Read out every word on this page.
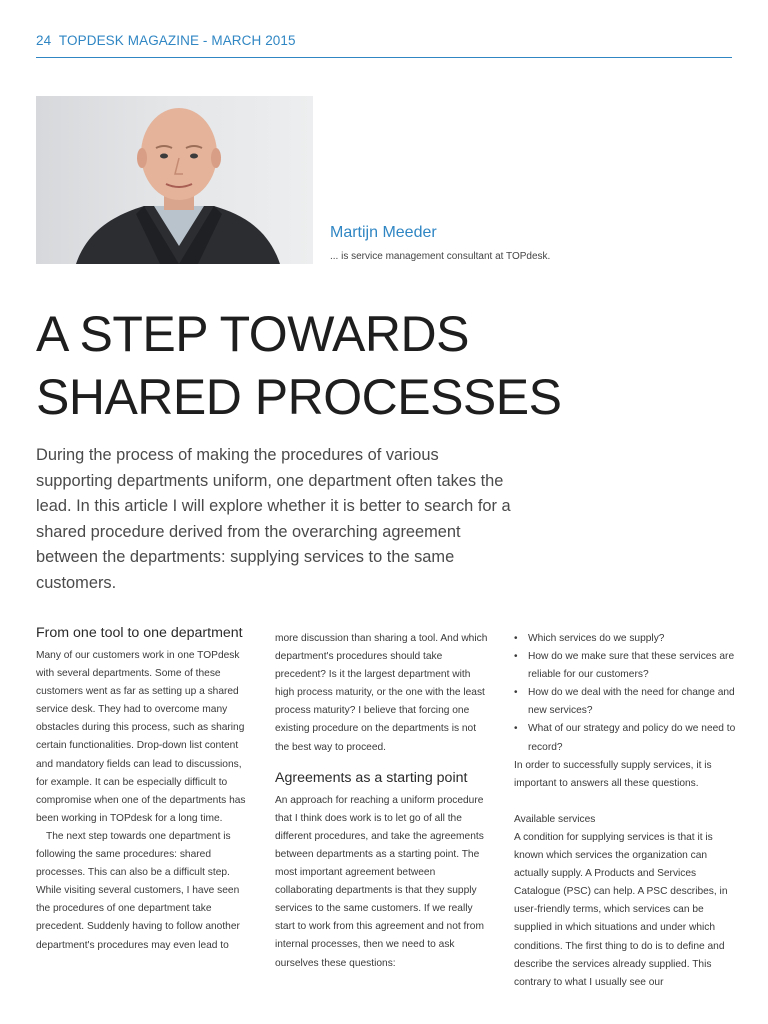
24 TOPDESK MAGAZINE - MARCH 2015
Martijn Meeder
... is service management consultant at TOPdesk.
A STEP TOWARDS
SHARED PROCESSES

During the process of making the procedures of various supporting departments uniform, one department often takes the lead. In this article I will explore whether it is better to search for a shared procedure derived from the overarching agreement between the departments: supplying services to the same customers.

From one tool to one department

Many of our customers work in one TOPdesk with several departments. Some of these customers went as far as setting up a shared service desk. They had to overcome many obstacles during this process, such as sharing certain functionalities. Drop-down list content and mandatory fields can lead to discussions, for example. It can be especially difficult to compromise when one of the departments has been working in TOPdesk for a long time.

The next step towards one department is following the same procedures: shared processes. This can also be a difficult step. While visiting several customers, I have seen the procedures of one department take precedent. Suddenly having to follow another department's procedures may even lead to

more discussion than sharing a tool. And which department's procedures should take precedent? Is it the largest department with high process maturity, or the one with the least process maturity? I believe that forcing one existing procedure on the departments is not the best way to proceed.

Agreements as a starting point

An approach for reaching a uniform procedure that I think does work is to let go of all the different procedures, and take the agreements between departments as a starting point. The most important agreement between collaborating departments is that they supply services to the same customers. If we really start to work from this agreement and not from internal processes, then we need to ask ourselves these questions:

• Which services do we supply?
• How do we make sure that these services are reliable for our customers?
• How do we deal with the need for change and new services?
• What of our strategy and policy do we need to record?

In order to successfully supply services, it is important to answers all these questions.

Available services

A condition for supplying services is that it is known which services the organization can actually supply. A Products and Services Catalogue (PSC) can help. A PSC describes, in user-friendly terms, which services can be supplied in which situations and under which conditions. The first thing to do is to define and describe the services already supplied. This contrary to what I usually see our
